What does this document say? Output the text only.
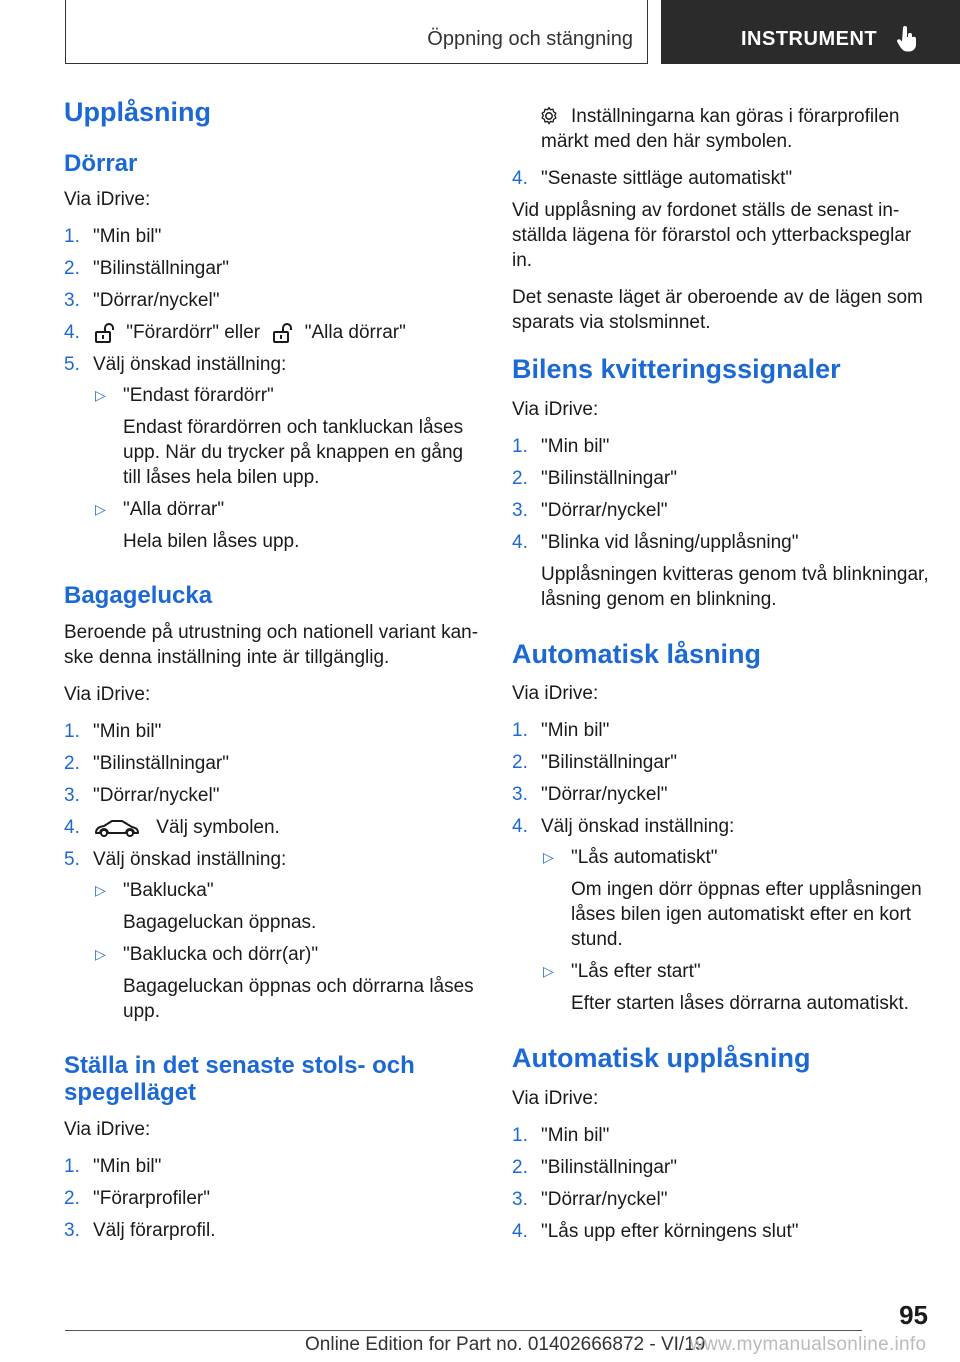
Öppning och stängning	INSTRUMENT
Upplåsning
Dörrar

Via iDrive:

1. "Min bil"
2. "Bilinställningar"
3. "Dörrar/nyckel"
4. "Förardörr" eller "Alla dörrar"
5. Välj önskad inställning:
▷ "Endast förardörr"
Endast förardörren och tankluckan låses upp. När du trycker på knappen en gång till låses hela bilen upp.
▷ "Alla dörrar"
Hela bilen låses upp.
Bagagelucka

Beroende på utrustning och nationell variant kanske denna inställning inte är tillgänglig.

Via iDrive:

1. "Min bil"
2. "Bilinställningar"
3. "Dörrar/nyckel"
4.	Välj symbolen.
5. Välj önskad inställning:
▷ "Baklucka"
Bagageluckan öppnas.
▷ "Baklucka och dörr(ar)"
Bagageluckan öppnas och dörrarna låses upp.
Ställa in det senaste stols- och spegelläget

Via iDrive:

1. "Min bil"
2. "Förarprofiler"
3. Välj förarprofil.
Inställningarna kan göras i förarprofilen märkt med den här symbolen.
4. "Senaste sittläge automatiskt"

Vid upplåsning av fordonet ställs de senast inställda lägena för förarstol och ytterbackspeglar in.

Det senaste läget är oberoende av de lägen som sparats via stolsminnet.

Bilens kvitteringssignaler

Via iDrive:

1. "Min bil"
2. "Bilinställningar"
3. "Dörrar/nyckel"
4. "Blinka vid låsning/upplåsning"
Upplåsningen kvitteras genom två blinkningar, låsning genom en blinkning.
Automatisk låsning

Via iDrive:

1. "Min bil"
2. "Bilinställningar"
3. "Dörrar/nyckel"
4. Välj önskad inställning:
▷ "Lås automatiskt"
Om ingen dörr öppnas efter upplåsningen låses bilen igen automatiskt efter en kort stund.
▷ "Lås efter start"
Efter starten låses dörrarna automatiskt.
Automatisk upplåsning

Via iDrive:

1. "Min bil"
2. "Bilinställningar"
3. "Dörrar/nyckel"
4. "Lås upp efter körningens slut"
95
Online Edition for Part no. 01402666872 - VI/19
www.mymanualsonline.info
